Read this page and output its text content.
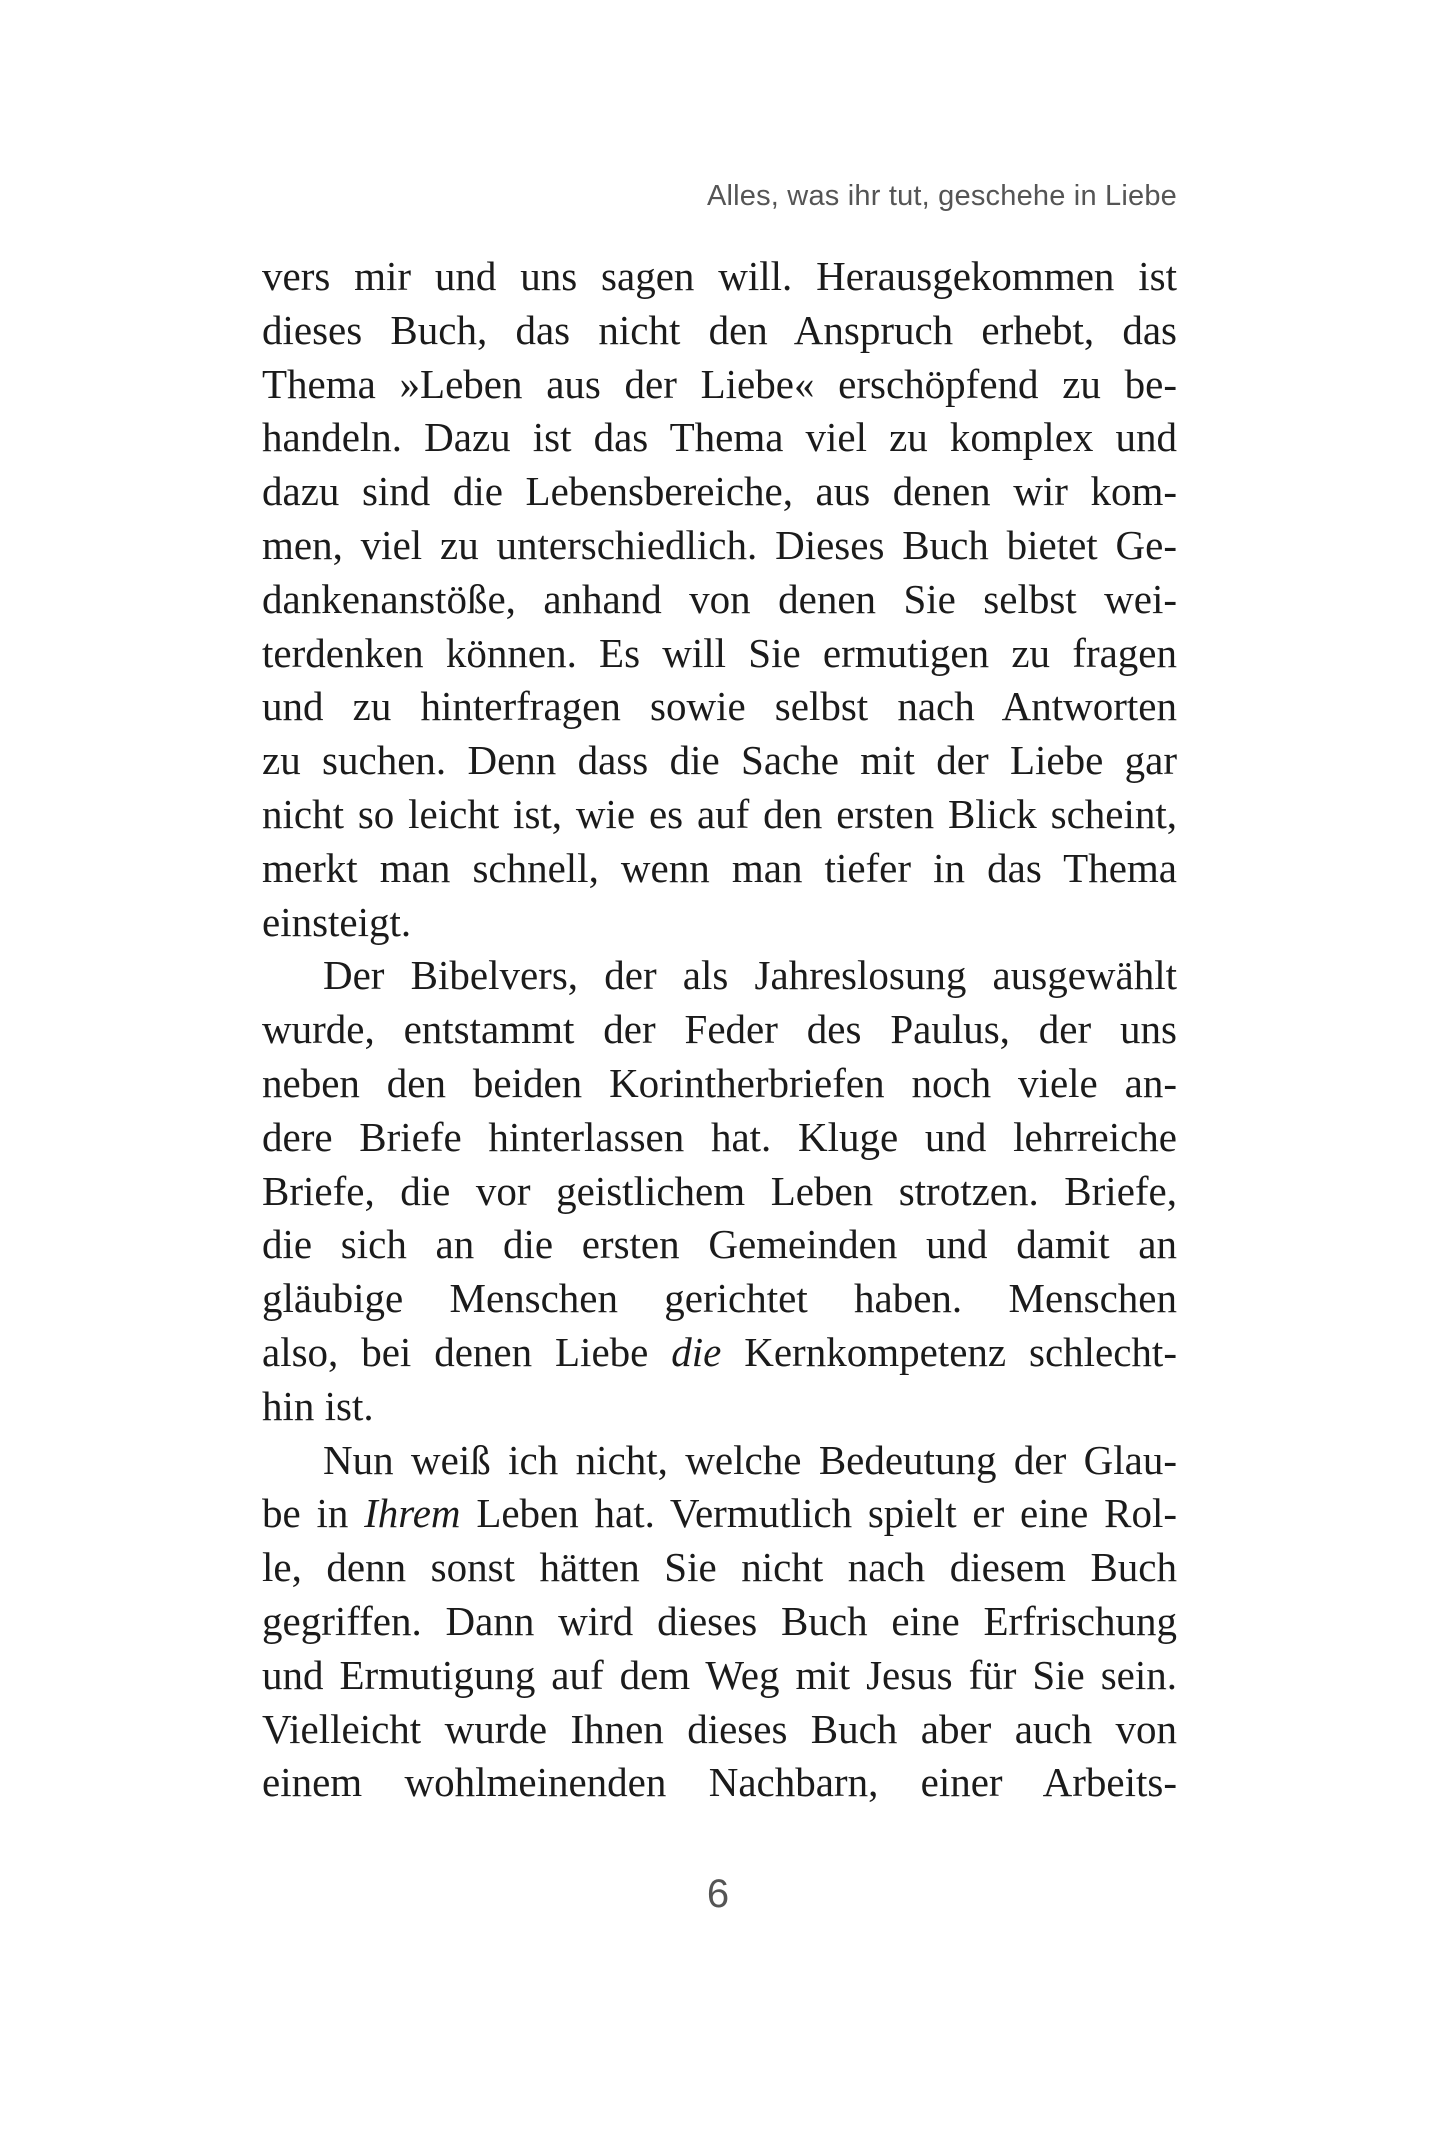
Alles, was ihr tut, geschehe in Liebe
vers mir und uns sagen will. Herausgekommen ist
dieses Buch, das nicht den Anspruch erhebt, das
Thema »Leben aus der Liebe« erschöpfend zu be-
handeln. Dazu ist das Thema viel zu komplex und
dazu sind die Lebensbereiche, aus denen wir kom-
men, viel zu unterschiedlich. Dieses Buch bietet Ge-
dankenanstöße, anhand von denen Sie selbst wei-
terdenken können. Es will Sie ermutigen zu fragen
und zu hinterfragen sowie selbst nach Antworten
zu suchen. Denn dass die Sache mit der Liebe gar
nicht so leicht ist, wie es auf den ersten Blick scheint,
merkt man schnell, wenn man tiefer in das Thema
einsteigt.
Der Bibelvers, der als Jahreslosung ausgewählt
wurde, entstammt der Feder des Paulus, der uns
neben den beiden Korintherbriefen noch viele an-
dere Briefe hinterlassen hat. Kluge und lehrreiche
Briefe, die vor geistlichem Leben strotzen. Briefe,
die sich an die ersten Gemeinden und damit an
gläubige Menschen gerichtet haben. Menschen
also, bei denen Liebe die Kernkompetenz schlecht-
hin ist.
Nun weiß ich nicht, welche Bedeutung der Glau-
be in Ihrem Leben hat. Vermutlich spielt er eine Rol-
le, denn sonst hätten Sie nicht nach diesem Buch
gegriffen. Dann wird dieses Buch eine Erfrischung
und Ermutigung auf dem Weg mit Jesus für Sie sein.
Vielleicht wurde Ihnen dieses Buch aber auch von
einem wohlmeinenden Nachbarn, einer Arbeits-
6
